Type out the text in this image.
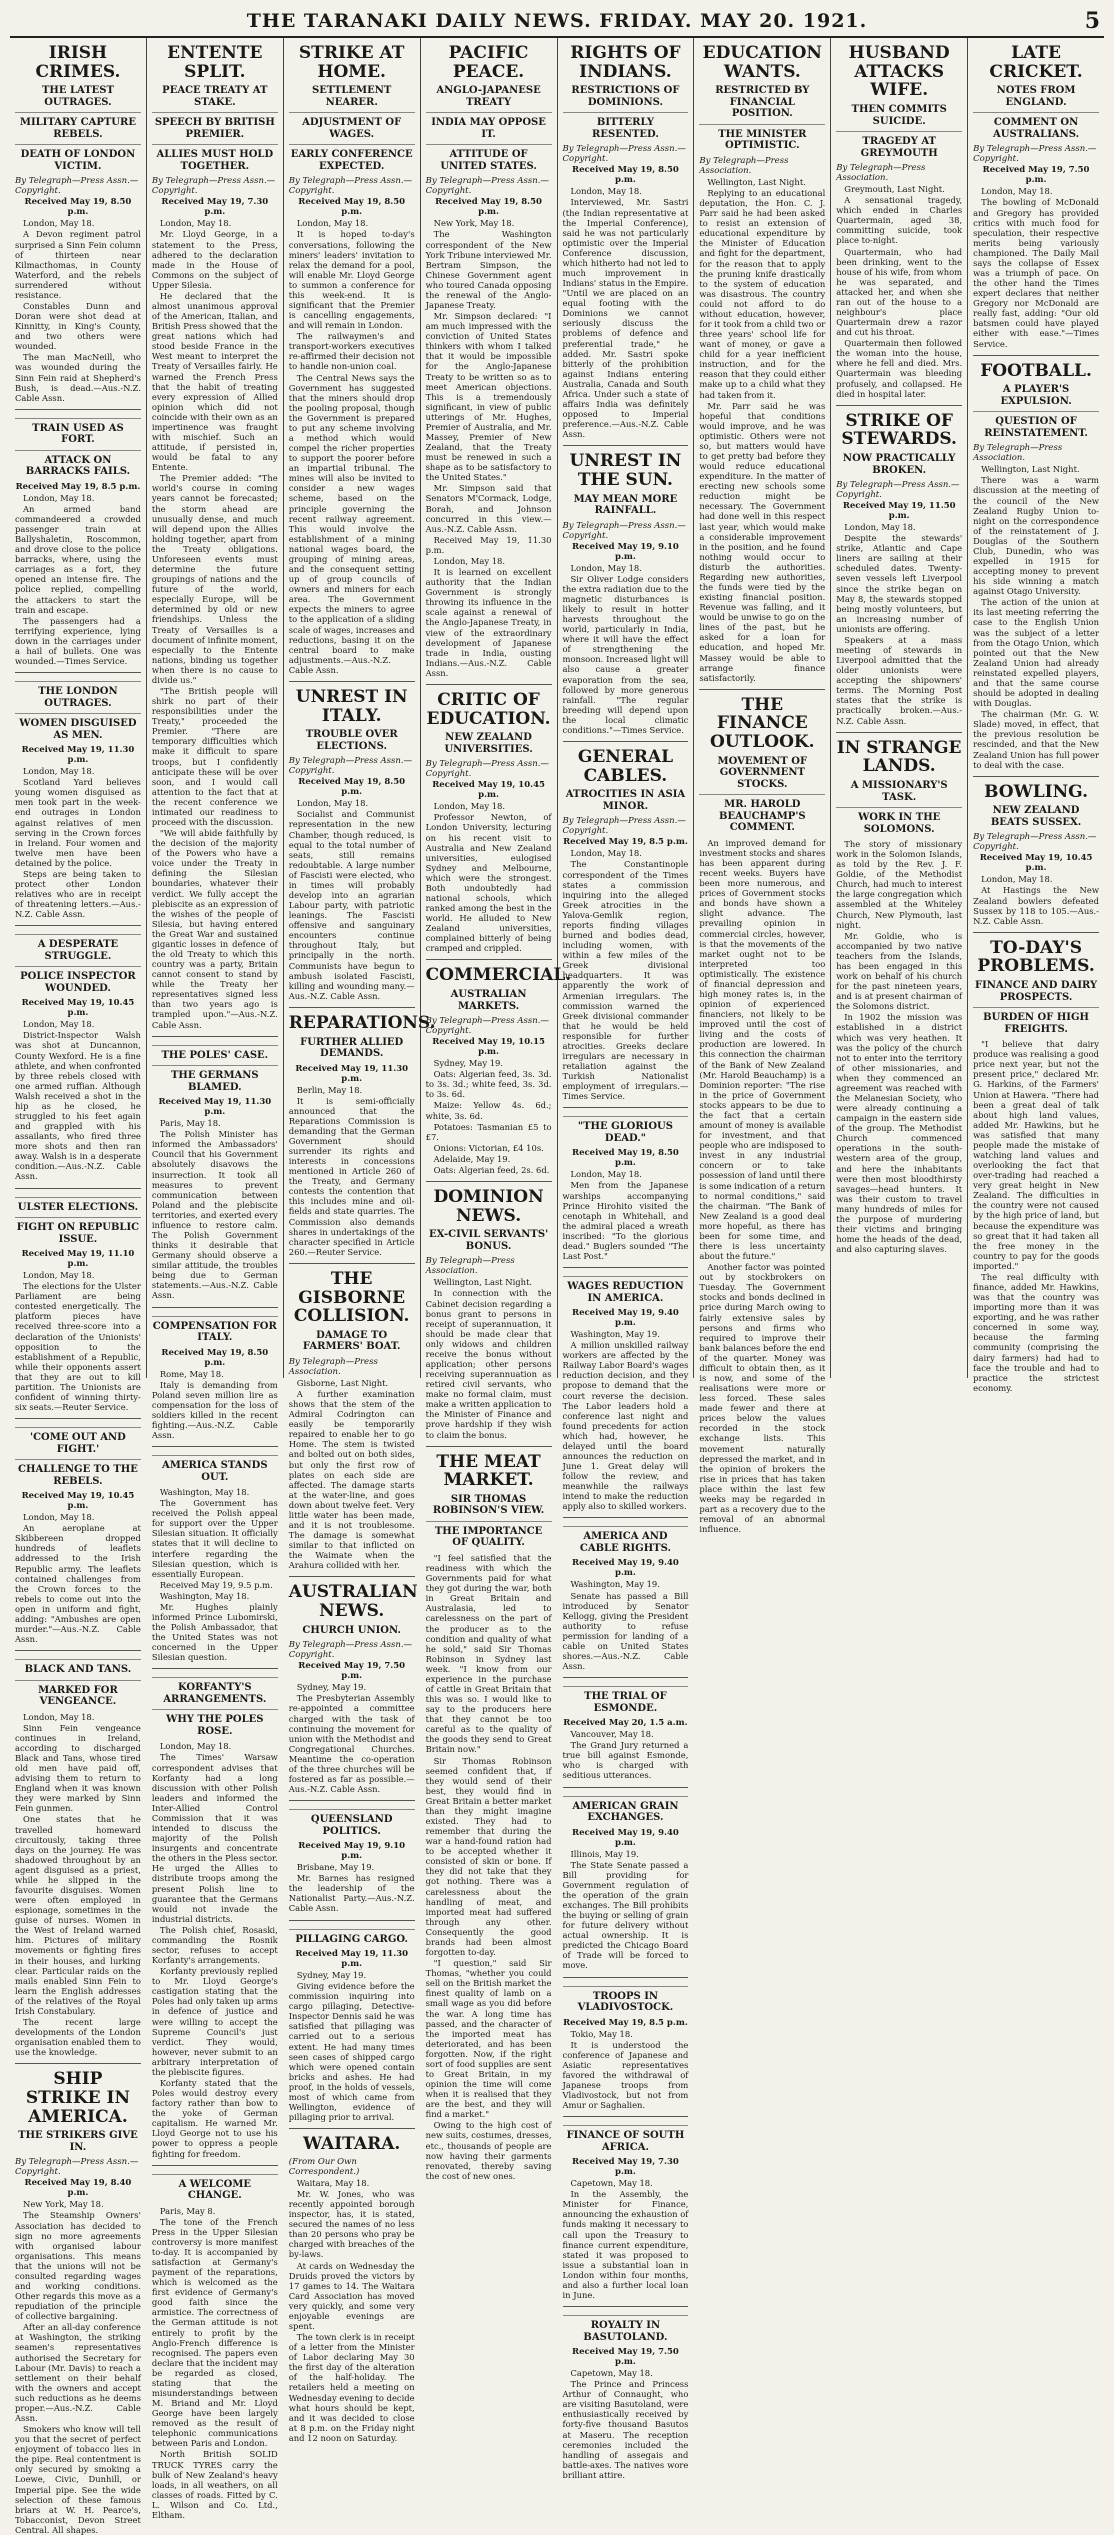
THE TARANAKI DAILY NEWS. FRIDAY. MAY 20. 1921.	5
IRISH CRIMES.
THE LATEST OUTRAGES.
MILITARY CAPTURE REBELS.
DEATH OF LONDON VICTIM.
By Telegraph—Press Assn.—Copyright.
Received May 19, 8.50 p.m.

London, May 18.

A Devon regiment patrol surprised a Sinn Fein column of thirteen near Kilmacthomas, in County Waterford, and the rebels surrendered without resistance.

Constables Dunn and Doran were shot dead at Kinnitty, in King's County, and two others were wounded.

The man MacNeill, who was wounded during the Sinn Fein raid at Shepherd's Bush, is dead.—Aus.-N.Z. Cable Assn.

TRAIN USED AS FORT.
ATTACK ON BARRACKS FAILS.
Received May 19, 8.5 p.m.

London, May 18.

An armed band commandeered a crowded passenger train at Ballyshaletin, Roscommon, and drove close to the police barracks, where, using the carriages as a fort, they opened an intense fire. The police replied, compelling the attackers to start the train and escape.

The passengers had a terrifying experience, lying down in the carriages under a hail of bullets. One was wounded.—Times Service.

THE LONDON OUTRAGES.
WOMEN DISGUISED AS MEN.
Received May 19, 11.30 p.m.

London, May 18.

Scotland Yard believes young women disguised as men took part in the week-end outrages in London against relatives of men serving in the Crown forces in Ireland. Four women and twelve men have been detained by the police.

Steps are being taken to protect other London relatives who are in receipt of threatening letters.—Aus.-N.Z. Cable Assn.

A DESPERATE STRUGGLE.
POLICE INSPECTOR WOUNDED.
Received May 19, 10.45 p.m.

London, May 18.

District-Inspector Walsh was shot at Duncannon, County Wexford. He is a fine athlete, and when confronted by three rebels closed with one armed ruffian. Although Walsh received a shot in the hip as he closed, he struggled to his feet again and grappled with his assailants, who fired three more shots and then ran away. Walsh is in a desperate condition.—Aus.-N.Z. Cable Assn.

ULSTER ELECTIONS.
FIGHT ON REPUBLIC ISSUE.
Received May 19, 11.10 p.m.

London, May 18.

The elections for the Ulster Parliament are being contested energetically. The platform pieces have received three-score into a declaration of the Unionists' opposition to the establishment of a Republic, while their opponents assert that they are out to kill partition. The Unionists are confident of winning thirty-six seats.—Reuter Service.

'COME OUT AND FIGHT.'
CHALLENGE TO THE REBELS.
Received May 19, 10.45 p.m.

London, May 18.

An aeroplane at Skibbereen dropped hundreds of leaflets addressed to the Irish Republic army. The leaflets contained challenges from the Crown forces to the rebels to come out into the open in uniform and fight, adding: "Ambushes are open murder."—Aus.-N.Z. Cable Assn.

BLACK AND TANS.
MARKED FOR VENGEANCE.

London, May 18.

Sinn Fein vengeance continues in Ireland, according to discharged Black and Tans, whose tired old men have paid off, advising them to return to England when it was known they were marked by Sinn Fein gunmen.

One states that he travelled homeward circuitously, taking three days on the journey. He was shadowed throughout by an agent disguised as a priest, while he slipped in the favourite disguises. Women were often employed in espionage, sometimes in the guise of nurses. Women in the West of Ireland warned him. Pictures of military movements or fighting fires in their houses, and lurking clear. Particular raids on the mails enabled Sinn Fein to learn the English addresses of the relatives of the Royal Irish Constabulary.

The recent large developments of the London organisation enabled them to use the knowledge.

SHIP STRIKE IN AMERICA.
THE STRIKERS GIVE IN.
By Telegraph—Press Assn.—Copyright.
Received May 19, 8.40 p.m.

New York, May 18.

The Steamship Owners' Association has decided to sign no more agreements with organised labour organisations. This means that the unions will not be consulted regarding wages and working conditions. Other regards this move as a repudiation of the principle of collective bargaining.

After an all-day conference at Washington, the striking seamen's representatives authorised the Secretary for Labour (Mr. Davis) to reach a settlement on their behalf with the owners and accept such reductions as he deems proper.—Aus.-N.Z. Cable Assn.

Smokers who know will tell you that the secret of perfect enjoyment of tobacco lies in the pipe. Real contentment is only secured by smoking a Loewe, Civic, Dunhill, or Imperial pipe. See the wide selection of these famous briars at W. H. Pearce's, Tobacconist, Devon Street Central. All shapes.

ENTENTE SPLIT.
PEACE TREATY AT STAKE.
SPEECH BY BRITISH PREMIER.
ALLIES MUST HOLD TOGETHER.
By Telegraph—Press Assn.—Copyright.
Received May 19, 7.30 p.m.

London, May 18.

Mr. Lloyd George, in a statement to the Press, adhered to the declaration made in the House of Commons on the subject of Upper Silesia.

He declared that the almost unanimous approval of the American, Italian, and British Press showed that the great nations which had stood beside France in the West meant to interpret the Treaty of Versailles fairly. He warned the French Press that the habit of treating every expression of Allied opinion which did not coincide with their own as an impertinence was fraught with mischief. Such an attitude, if persisted in, would be fatal to any Entente.

The Premier added: "The world's course in coming years cannot be forecasted; the storm ahead are unusually dense, and much will depend upon the Allies holding together, apart from the Treaty obligations. Unforeseen events must determine the future groupings of nations and the future of the world, especially Europe, will be determined by old or new friendships. Unless the Treaty of Versailles is a document of infinite moment, especially to the Entente nations, binding us together when there is no cause to divide us."

"The British people will shirk no part of their responsibilities under the Treaty," proceeded the Premier. "There are temporary difficulties which make it difficult to spare troops, but I confidently anticipate these will be over soon, and I would call attention to the fact that at the recent conference we intimated our readiness to proceed with the discussion.

"We will abide faithfully by the decision of the majority of the Powers who have a voice under the Treaty in defining the Silesian boundaries, whatever their verdict. We fully accept the plebiscite as an expression of the wishes of the people of Silesia, but having entered the Great War and sustained gigantic losses in defence of the old Treaty to which this country was a party, Britain cannot consent to stand by while the Treaty her representatives signed less than two years ago is trampled upon."—Aus.-N.Z. Cable Assn.

THE POLES' CASE.
THE GERMANS BLAMED.
Received May 19, 11.30 p.m.

Paris, May 18.

The Polish Minister has informed the Ambassadors' Council that his Government absolutely disavows the insurrection. It took all measures to prevent communication between Poland and the plebiscite territories, and exerted every influence to restore calm. The Polish Government thinks it desirable that Germany should observe a similar attitude, the troubles being due to German statements.—Aus.-N.Z. Cable Assn.

COMPENSATION FOR ITALY.
Received May 19, 8.50 p.m.

Rome, May 18.

Italy is demanding from Poland seven million lire as compensation for the loss of soldiers killed in the recent fighting.—Aus.-N.Z. Cable Assn.

AMERICA STANDS OUT.

Washington, May 18.

The Government has received the Polish appeal for support over the Upper Silesian situation. It officially states that it will decline to interfere regarding the Silesian question, which is essentially European.

Received May 19, 9.5 p.m.

Washington, May 18.

Mr. Hughes plainly informed Prince Lubomirski, the Polish Ambassador, that the United States was not concerned in the Upper Silesian question.

KORFANTY'S ARRANGEMENTS.
WHY THE POLES ROSE.

London, May 18.

The Times' Warsaw correspondent advises that Korfanty had a long discussion with other Polish leaders and informed the Inter-Allied Control Commission that it was intended to discuss the majority of the Polish insurgents and concentrate the others in the Pless sector. He urged the Allies to distribute troops among the present Polish line to guarantee that the Germans would not invade the industrial districts.

The Polish chief, Rosaski, commanding the Rosnik sector, refuses to accept Korfanty's arrangements.

Korfanty previously replied to Mr. Lloyd George's castigation stating that the Poles had only taken up arms in defence of justice and were willing to accept the Supreme Council's just verdict. They would, however, never submit to an arbitrary interpretation of the plebiscite figures.

Korfanty stated that the Poles would destroy every factory rather than bow to the yoke of German capitalism. He warned Mr. Lloyd George not to use his power to oppress a people fighting for freedom.

A WELCOME CHANGE.

Paris, May 8.

The tone of the French Press in the Upper Silesian controversy is more manifest to-day. It is accompanied by satisfaction at Germany's payment of the reparations, which is welcomed as the first evidence of Germany's good faith since the armistice. The correctness of the German attitude is not entirely to profit by the Anglo-French difference is recognised. The papers even declare that the incident may be regarded as closed, stating that the misunderstandings between M. Briand and Mr. Lloyd George have been largely removed as the result of telephonic communications between Paris and London.

North British SOLID TRUCK TYRES carry the bulk of New Zealand's heavy loads, in all weathers, on all classes of roads. Fitted by C. L. Wilson and Co. Ltd., Eltham.

STRIKE AT HOME.
SETTLEMENT NEARER.
ADJUSTMENT OF WAGES.
EARLY CONFERENCE EXPECTED.
By Telegraph—Press Assn.—Copyright.
Received May 19, 8.50 p.m.

London, May 18.

It is hoped to-day's conversations, following the miners' leaders' invitation to relax the demand for a pool, will enable Mr. Lloyd George to summon a conference for this week-end. It is significant that the Premier is cancelling engagements, and will remain in London.

The railwaymen's and transport-workers executives re-affirmed their decision not to handle non-union coal.

The Central News says the Government has suggested that the miners should drop the pooling proposal, though the Government is prepared to put any scheme involving a method which would compel the richer properties to support the poorer before an impartial tribunal. The mines will also be invited to consider a new wages scheme, based on the principle governing the recent railway agreement. This would involve the establishment of a mining national wages board, the grouping of mining areas, and the consequent setting up of group councils of owners and miners for each area. The Government expects the miners to agree to the application of a sliding scale of wages, increases and reductions, basing it on the central board to make adjustments.—Aus.-N.Z. Cable Assn.

UNREST IN ITALY.
TROUBLE OVER ELECTIONS.
By Telegraph—Press Assn.—Copyright.
Received May 19, 8.50 p.m.

London, May 18.

Socialist and Communist representation in the new Chamber, though reduced, is equal to the total number of seats, still remains redoubtable. A large number of Fascisti were elected, who in times will probably develop into an agrarian Labour party, with patriotic leanings. The Fascisti offensive and sanguinary encounters continue throughout Italy, but principally in the north. Communists have begun to ambush isolated Fascisti, killing and wounding many.—Aus.-N.Z. Cable Assn.

REPARATIONS.
FURTHER ALLIED DEMANDS.
Received May 19, 11.30 p.m.

Berlin, May 18.

It is semi-officially announced that the Reparations Commission is demanding that the German Government should surrender its rights and interests in concessions mentioned in Article 260 of the Treaty, and Germany contests the contention that this includes mine and oil-fields and state quarries. The Commission also demands shares in undertakings of the character specified in Article 260.—Reuter Service.

THE GISBORNE COLLISION.
DAMAGE TO FARMERS' BOAT.
By Telegraph—Press Association.

Gisborne, Last Night.

A further examination shows that the stem of the Admiral Codrington can easily be temporarily repaired to enable her to go Home. The stem is twisted and bolted out on both sides, but only the first row of plates on each side are affected. The damage starts at the water-line, and goes down about twelve feet. Very little water has been made, and it is not troublesome. The damage is somewhat similar to that inflicted on the Waimate when the Arahura collided with her.

AUSTRALIAN NEWS.
CHURCH UNION.
By Telegraph—Press Assn.—Copyright.
Received May 19, 7.50 p.m.

Sydney, May 19.

The Presbyterian Assembly re-appointed a committee charged with the task of continuing the movement for union with the Methodist and Congregational Churches. Meantime the co-operation of the three churches will be fostered as far as possible.—Aus.-N.Z. Cable Assn.

QUEENSLAND POLITICS.
Received May 19, 9.10 p.m.

Brisbane, May 19.

Mr. Barnes has resigned the leadership of the Nationalist Party.—Aus.-N.Z. Cable Assn.

PILLAGING CARGO.
Received May 19, 11.30 p.m.

Sydney, May 19.

Giving evidence before the commission inquiring into cargo pillaging, Detective-Inspector Dennis said he was satisfied that pillaging was carried out to a serious extent. He had many times seen cases of shipped cargo which were opened contain bricks and ashes. He had proof, in the holds of vessels, most of which came from Wellington, evidence of pillaging prior to arrival.

WAITARA.
(From Our Own Correspondent.)

Waitara, May 18.

Mr. W. Jones, who was recently appointed borough inspector, has, it is stated, secured the names of no less than 20 persons who pray be charged with breaches of the by-laws.

At cards on Wednesday the Druids proved the victors by 17 games to 14. The Waitara Card Association has moved very quickly, and some very enjoyable evenings are spent.

The town clerk is in receipt of a letter from the Minister of Labor declaring May 30 the first day of the alteration of the half-holiday. The retailers held a meeting on Wednesday evening to decide what hours should be kept, and it was decided to close at 8 p.m. on the Friday night and 12 noon on Saturday.

PACIFIC PEACE.
ANGLO-JAPANESE TREATY
INDIA MAY OPPOSE IT.
ATTITUDE OF UNITED STATES.
By Telegraph—Press Assn.—Copyright.
Received May 19, 8.50 p.m.

New York, May 18.

The Washington correspondent of the New York Tribune interviewed Mr. Bertram Simpson, the Chinese Government agent who toured Canada opposing the renewal of the Anglo-Japanese Treaty.

Mr. Simpson declared: "I am much impressed with the conviction of United States thinkers with whom I talked that it would be impossible for the Anglo-Japanese Treaty to be written so as to meet American objections. This is a tremendously significant, in view of public utterings of Mr. Hughes, Premier of Australia, and Mr. Massey, Premier of New Zealand, that the Treaty must be renewed in such a shape as to be satisfactory to the United States."

Mr. Simpson said that Senators M'Cormack, Lodge, Borah, and Johnson concurred in this view.—Aus.-N.Z. Cable Assn.

Received May 19, 11.30 p.m.

London, May 18.

It is learned on excellent authority that the Indian Government is strongly throwing its influence in the scale against a renewal of the Anglo-Japanese Treaty, in view of the extraordinary development of Japanese trade in India, ousting Indians.—Aus.-N.Z. Cable Assn.

CRITIC OF EDUCATION.
NEW ZEALAND UNIVERSITIES.
By Telegraph—Press Assn.—Copyright.
Received May 19, 10.45 p.m.

London, May 18.

Professor Newton, of London University, lecturing on his recent visit to Australia and New Zealand universities, eulogised Sydney and Melbourne, which were the strongest. Both undoubtedly had national schools, which ranked among the best in the world. He alluded to New Zealand universities, complained bitterly of being cramped and crippled.

COMMERCIAL.
AUSTRALIAN MARKETS.
By Telegraph—Press Assn.—Copyright.
Received May 19, 10.15 p.m.

Sydney, May 19.

Oats: Algerian feed, 3s. 3d. to 3s. 3d.; white feed, 3s. 3d. to 3s. 6d.

Maize: Yellow 4s. 6d.; white, 3s. 6d.

Potatoes: Tasmanian £5 to £7.

Onions: Victorian, £4 10s.

Adelaide, May 19.

Oats: Algerian feed, 2s. 6d.

DOMINION NEWS.
EX-CIVIL SERVANTS' BONUS.
By Telegraph—Press Association.

Wellington, Last Night.

In connection with the Cabinet decision regarding a bonus grant to persons in receipt of superannuation, it should be made clear that only widows and children receive the bonus without application; other persons receiving superannuation as retired civil servants, who make no formal claim, must make a written application to the Minister of Finance and prove hardship if they wish to claim the bonus.

THE MEAT MARKET.
SIR THOMAS ROBINSON'S VIEW.
THE IMPORTANCE OF QUALITY.

"I feel satisfied that the readiness with which the Governments paid for what they got during the war, both in Great Britain and Australasia, led to carelessness on the part of the producer as to the condition and quality of what he sold," said Sir Thomas Robinson in Sydney last week. "I know from our experience in the purchase of cattle in Great Britain that this was so. I would like to say to the producers here that they cannot be too careful as to the quality of the goods they send to Great Britain now."

Sir Thomas Robinson seemed confident that, if they would send of their best, they would find in Great Britain a better market than they might imagine existed. They had to remember that during the war a hand-found ration had to be accepted whether it consisted of skin or bone. If they did not take that they got nothing. There was a carelessness about the handling of meat, and imported meat had suffered through any other. Consequently the good brands had been almost forgotten to-day.

"I question," said Sir Thomas, "whether you could sell on the British market the finest quality of lamb on a small wage as you did before the war. A long time has passed, and the character of the imported meat has deteriorated, and has been forgotten. Now, if the right sort of food supplies are sent to Great Britain, in my opinion the time will come when it is realised that they are the best, and they will find a market."

Owing to the high cost of new suits, costumes, dresses, etc., thousands of people are now having their garments renovated, thereby saving the cost of new ones.

RIGHTS OF INDIANS.
RESTRICTIONS OF DOMINIONS.
BITTERLY RESENTED.
By Telegraph—Press Assn.—Copyright.
Received May 19, 8.50 p.m.

London, May 18.

Interviewed, Mr. Sastri (the Indian representative at the Imperial Conference), said he was not particularly optimistic over the Imperial Conference discussion, which hitherto had not led to much improvement in Indians' status in the Empire. "Until we are placed on an equal footing with the Dominions we cannot seriously discuss the problems of defence and preferential trade," he added. Mr. Sastri spoke bitterly of the prohibition against Indians entering Australia, Canada and South Africa. Under such a state of affairs India was definitely opposed to Imperial preference.—Aus.-N.Z. Cable Assn.

UNREST IN THE SUN.
MAY MEAN MORE RAINFALL.
By Telegraph—Press Assn.—Copyright.
Received May 19, 9.10 p.m.

London, May 18.

Sir Oliver Lodge considers the extra radiation due to the magnetic disturbances is likely to result in hotter harvests throughout the world, particularly in India, where it will have the effect of strengthening the monsoon. Increased light will also cause a greater evaporation from the sea, followed by more generous rainfall. "The regular breeding will depend upon the local climatic conditions."—Times Service.

GENERAL CABLES.
ATROCITIES IN ASIA MINOR.
By Telegraph—Press Assn.—Copyright.
Received May 19, 8.5 p.m.

London, May 18.

The Constantinople correspondent of the Times states a commission inquiring into the alleged Greek atrocities in the Yalova-Gemlik region, reports finding villages burned and bodies dead, including women, with within a few miles of the Greek divisional headquarters. It was apparently the work of Armenian irregulars. The commission warned the Greek divisional commander that he would be held responsible for further atrocities. Greeks declare irregulars are necessary in retaliation against the Turkish Nationalist employment of irregulars.—Times Service.

"THE GLORIOUS DEAD."
Received May 19, 8.50 p.m.

London, May 18.

Men from the Japanese warships accompanying Prince Hirohito visited the cenotaph in Whitehall, and the admiral placed a wreath inscribed: "To the glorious dead." Buglers sounded "The Last Post."

WAGES REDUCTION IN AMERICA.
Received May 19, 9.40 p.m.

Washington, May 19.

A million unskilled railway workers are affected by the Railway Labor Board's wages reduction decision, and they propose to demand that the court reverse the decision. The Labor leaders hold a conference last night and found precedents for action which had, however, he delayed until the board announces the reduction on June 1. Great delay will follow the review, and meanwhile the railways intend to make the reduction apply also to skilled workers.

AMERICA AND CABLE RIGHTS.
Received May 19, 9.40 p.m.

Washington, May 19.

Senate has passed a Bill introduced by Senator Kellogg, giving the President authority to refuse permission for landing of a cable on United States shores.—Aus.-N.Z. Cable Assn.

THE TRIAL OF ESMONDE.
Received May 20, 1.5 a.m.

Vancouver, May 18.

The Grand Jury returned a true bill against Esmonde, who is charged with seditious utterances.

AMERICAN GRAIN EXCHANGES.
Received May 19, 9.40 p.m.

Illinois, May 19.

The State Senate passed a Bill providing for Government regulation of the operation of the grain exchanges. The Bill prohibits the buying or selling of grain for future delivery without actual ownership. It is predicted the Chicago Board of Trade will be forced to move.

TROOPS IN VLADIVOSTOCK.
Received May 19, 8.5 p.m.

Tokio, May 18.

It is understood the conference of Japanese and Asiatic representatives favored the withdrawal of Japanese troops from Vladivostock, but not from Amur or Saghalien.

FINANCE OF SOUTH AFRICA.
Received May 19, 7.30 p.m.

Capetown, May 18.

In the Assembly, the Minister for Finance, announcing the exhaustion of funds making it necessary to call upon the Treasury to finance current expenditure, stated it was proposed to issue a substantial loan in London within four months, and also a further local loan in June.

ROYALTY IN BASUTOLAND.
Received May 19, 7.50 p.m.

Capetown, May 18.

The Prince and Princess Arthur of Connaught, who are visiting Basutoland, were enthusiastically received by forty-five thousand Basutos at Maseru. The reception ceremonies included the handling of assegais and battle-axes. The natives wore brilliant attire.

EDUCATION WANTS.
RESTRICTED BY FINANCIAL POSITION.
THE MINISTER OPTIMISTIC.
By Telegraph—Press Association.

Wellington, Last Night.

Replying to an educational deputation, the Hon. C. J. Parr said he had been asked to resist an extension of educational expenditure by the Minister of Education and fight for the department, for the reason that to apply the pruning knife drastically to the system of education was disastrous. The country could not afford to do without education, however, for it took from a child two or three years' school life for want of money, or gave a child for a year inefficient instruction, and for the reason that they could either make up to a child what they had taken from it.

Mr. Parr said he was hopeful that conditions would improve, and he was optimistic. Others were not so, but matters would have to get pretty bad before they would reduce educational expenditure. In the matter of erecting new schools some reduction might be necessary. The Government had done well in this respect last year, which would make a considerable improvement in the position, and he found nothing would occur to disturb the authorities. Regarding new authorities, the funds were tied by the existing financial position. Revenue was falling, and it would be unwise to go on the lines of the past, but he asked for a loan for education, and hoped Mr. Massey would be able to arrange finance satisfactorily.

THE FINANCE OUTLOOK.
MOVEMENT OF GOVERNMENT STOCKS.
MR. HAROLD BEAUCHAMP'S COMMENT.

An improved demand for investment stocks and shares has been apparent during recent weeks. Buyers have been more numerous, and prices of Government stocks and bonds have shown a slight advance. The prevailing opinion in commercial circles, however, is that the movements of the market ought not to be interpreted too optimistically. The existence of financial depression and high money rates is, in the opinion of experienced financiers, not likely to be improved until the cost of living and the costs of production are lowered. In this connection the chairman of the Bank of New Zealand (Mr. Harold Beauchamp) is a Dominion reporter: "The rise in the price of Government stocks appears to be due to the fact that a certain amount of money is available for investment, and that people who are indisposed to invest in any industrial concern or to take possession of land until there is some indication of a return to normal conditions," said the chairman. "The Bank of New Zealand is a good deal more hopeful, as there has been for some time, and there is less uncertainty about the future."

Another factor was pointed out by stockbrokers on Tuesday. The Government stocks and bonds declined in price during March owing to fairly extensive sales by persons and firms who required to improve their bank balances before the end of the quarter. Money was difficult to obtain then, as it is now, and some of the realisations were more or less forced. These sales made fewer and there at prices below the values recorded in the stock exchange lists. This movement naturally depressed the market, and in the opinion of brokers the rise in prices that has taken place within the last few weeks may be regarded in part as a recovery due to the removal of an abnormal influence.

HUSBAND ATTACKS WIFE.
THEN COMMITS SUICIDE.
TRAGEDY AT GREYMOUTH
By Telegraph—Press Association.

Greymouth, Last Night.

A sensational tragedy, which ended in Charles Quartermain, aged 38, committing suicide, took place to-night.

Quartermain, who had been drinking, went to the house of his wife, from whom he was separated, and attacked her, and when she ran out of the house to a neighbour's place Quartermain drew a razor and cut his throat.

Quartermain then followed the woman into the house, where he fell and died. Mrs. Quartermain was bleeding profusely, and collapsed. He died in hospital later.

STRIKE OF STEWARDS.
NOW PRACTICALLY BROKEN.
By Telegraph—Press Assn.—Copyright.
Received May 19, 11.50 p.m.

London, May 18.

Despite the stewards' strike, Atlantic and Cape liners are sailing at their scheduled dates. Twenty-seven vessels left Liverpool since the strike began on May 8, the stewards stopped being mostly volunteers, but an increasing number of unionists are offering.

Speakers at a mass meeting of stewards in Liverpool admitted that the older unionists were accepting the shipowners' terms. The Morning Post states that the strike is practically broken.—Aus.-N.Z. Cable Assn.

IN STRANGE LANDS.
A MISSIONARY'S TASK.
WORK IN THE SOLOMONS.

The story of missionary work in the Solomon Islands, as told by the Rev. J. F. Goldie, of the Methodist Church, had much to interest the large congregation which assembled at the Whiteley Church, New Plymouth, last night.

Mr. Goldie, who is accompanied by two native teachers from the Islands, has been engaged in this work on behalf of his church for the past nineteen years, and is at present chairman of the Solomons district.

In 1902 the mission was established in a district which was very heathen. It was the policy of the church not to enter into the territory of other missionaries, and when they commenced an agreement was reached with the Melanesian Society, who were already continuing a campaign in the eastern side of the group. The Methodist Church commenced operations in the south-western area of the group, and here the inhabitants were then most bloodthirsty savages—head hunters. It was their custom to travel many hundreds of miles for the purpose of murdering their victims and bringing home the heads of the dead, and also capturing slaves.

LATE CRICKET.
NOTES FROM ENGLAND.
COMMENT ON AUSTRALIANS.
By Telegraph—Press Assn.—Copyright.
Received May 19, 7.50 p.m.

London, May 18.

The bowling of McDonald and Gregory has provided critics with much food for speculation, their respective merits being variously championed. The Daily Mail says the collapse of Essex was a triumph of pace. On the other hand the Times expert declares that neither Gregory nor McDonald are really fast, adding: "Our old batsmen could have played either with ease."—Times Service.

FOOTBALL.
A PLAYER'S EXPULSION.
QUESTION OF REINSTATEMENT.
By Telegraph—Press Association.

Wellington, Last Night.

There was a warm discussion at the meeting of the council of the New Zealand Rugby Union to-night on the correspondence of the reinstatement of J. Douglas of the Southern Club, Dunedin, who was expelled in 1915 for accepting money to prevent his side winning a match against Otago University.

The action of the union at its last meeting referring the case to the English Union was the subject of a letter from the Otago Union, which pointed out that the New Zealand Union had already reinstated expelled players, and that the same course should be adopted in dealing with Douglas.

The chairman (Mr. G. W. Slade) moved, in effect, that the previous resolution be rescinded, and that the New Zealand Union has full power to deal with the case.

BOWLING.
NEW ZEALAND BEATS SUSSEX.
By Telegraph—Press Assn.—Copyright.
Received May 19, 10.45 p.m.

London, May 18.

At Hastings the New Zealand bowlers defeated Sussex by 118 to 105.—Aus.-N.Z. Cable Assn.

TO-DAY'S PROBLEMS.
FINANCE AND DAIRY PROSPECTS.
BURDEN OF HIGH FREIGHTS.

"I believe that dairy produce was realising a good price next year, but not the present price," declared Mr. G. Harkins, of the Farmers' Union at Hawera. "There had been a great deal of talk about high land values, added Mr. Hawkins, but he was satisfied that many people made the mistake of watching land values and overlooking the fact that over-trading had reached a very great height in New Zealand. The difficulties in the country were not caused by the high price of land, but because the expenditure was so great that it had taken all the free money in the country to pay for the goods imported."

The real difficulty with finance, added Mr. Hawkins, was that the country was importing more than it was exporting, and he was rather concerned in some way, because the farming community (comprising the dairy farmers) had had to face the trouble and had to practice the strictest economy.
